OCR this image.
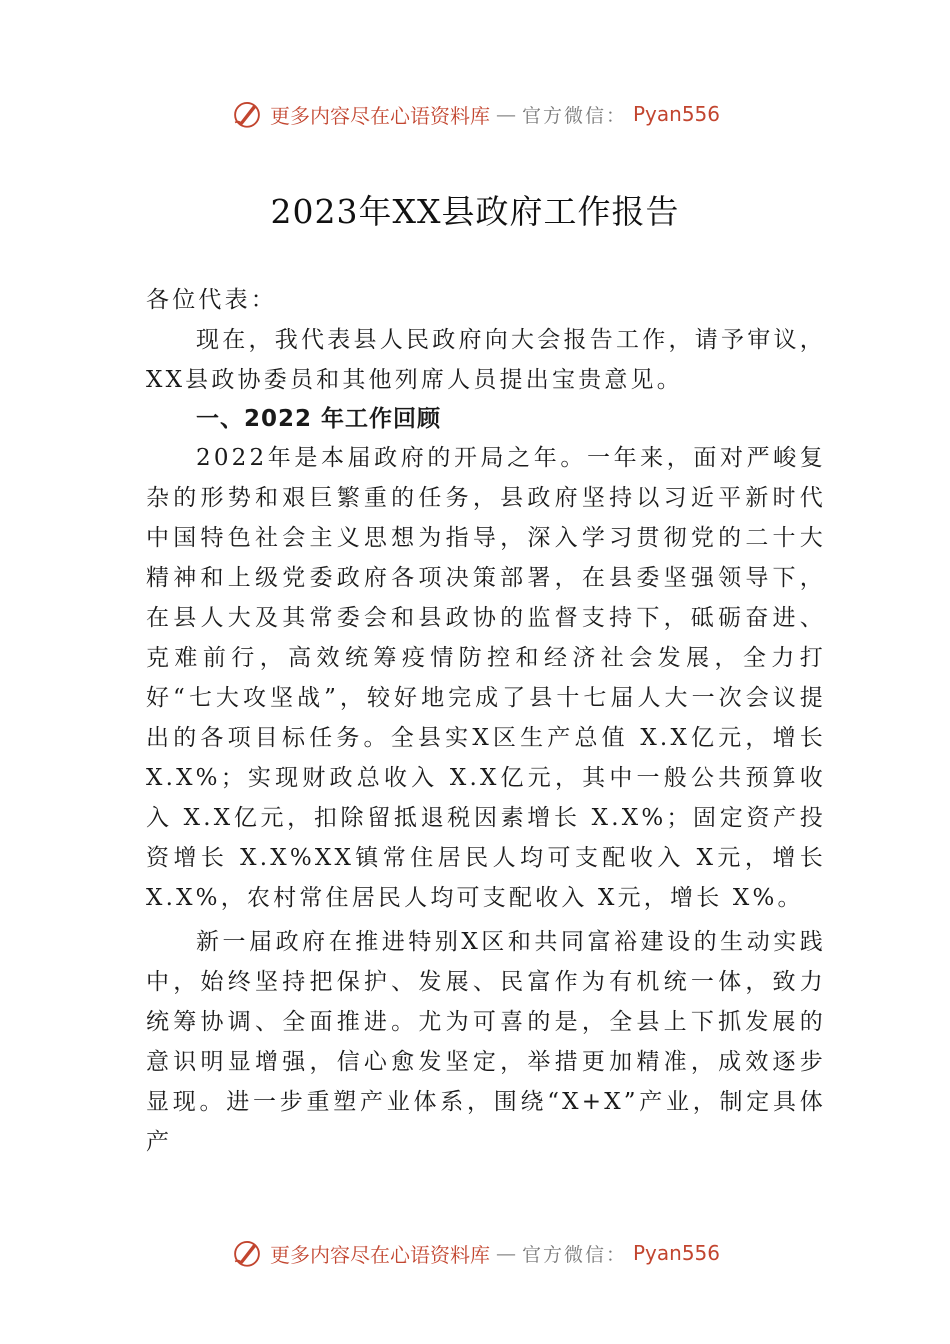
更多内容尽在心语资料库 — 官方微信： Pyan556
2023年XX县政府工作报告

各位代表：

现在，我代表县人民政府向大会报告工作，请予审议，XX县政协委员和其他列席人员提出宝贵意见。

一、2022 年工作回顾

2022年是本届政府的开局之年。一年来，面对严峻复杂的形势和艰巨繁重的任务，县政府坚持以习近平新时代中国特色社会主义思想为指导，深入学习贯彻党的二十大精神和上级党委政府各项决策部署，在县委坚强领导下，在县人大及其常委会和县政协的监督支持下，砥砺奋进、克难前行，高效统筹疫情防控和经济社会发展，全力打好“七大攻坚战”，较好地完成了县十七届人大一次会议提出的各项目标任务。全县实X区生产总值 X.X亿元，增长 X.X%；实现财政总收入 X.X亿元，其中一般公共预算收入 X.X亿元，扣除留抵退税因素增长 X.X%；固定资产投资增长 X.X%XX镇常住居民人均可支配收入 X元，增长 X.X%，农村常住居民人均可支配收入 X元，增长 X%。

新一届政府在推进特别X区和共同富裕建设的生动实践中，始终坚持把保护、发展、民富作为有机统一体，致力统筹协调、全面推进。尤为可喜的是，全县上下抓发展的意识明显增强，信心愈发坚定，举措更加精准，成效逐步显现。进一步重塑产业体系，围绕“X+X”产业，制定具体产

更多内容尽在心语资料库 — 官方微信： Pyan556
